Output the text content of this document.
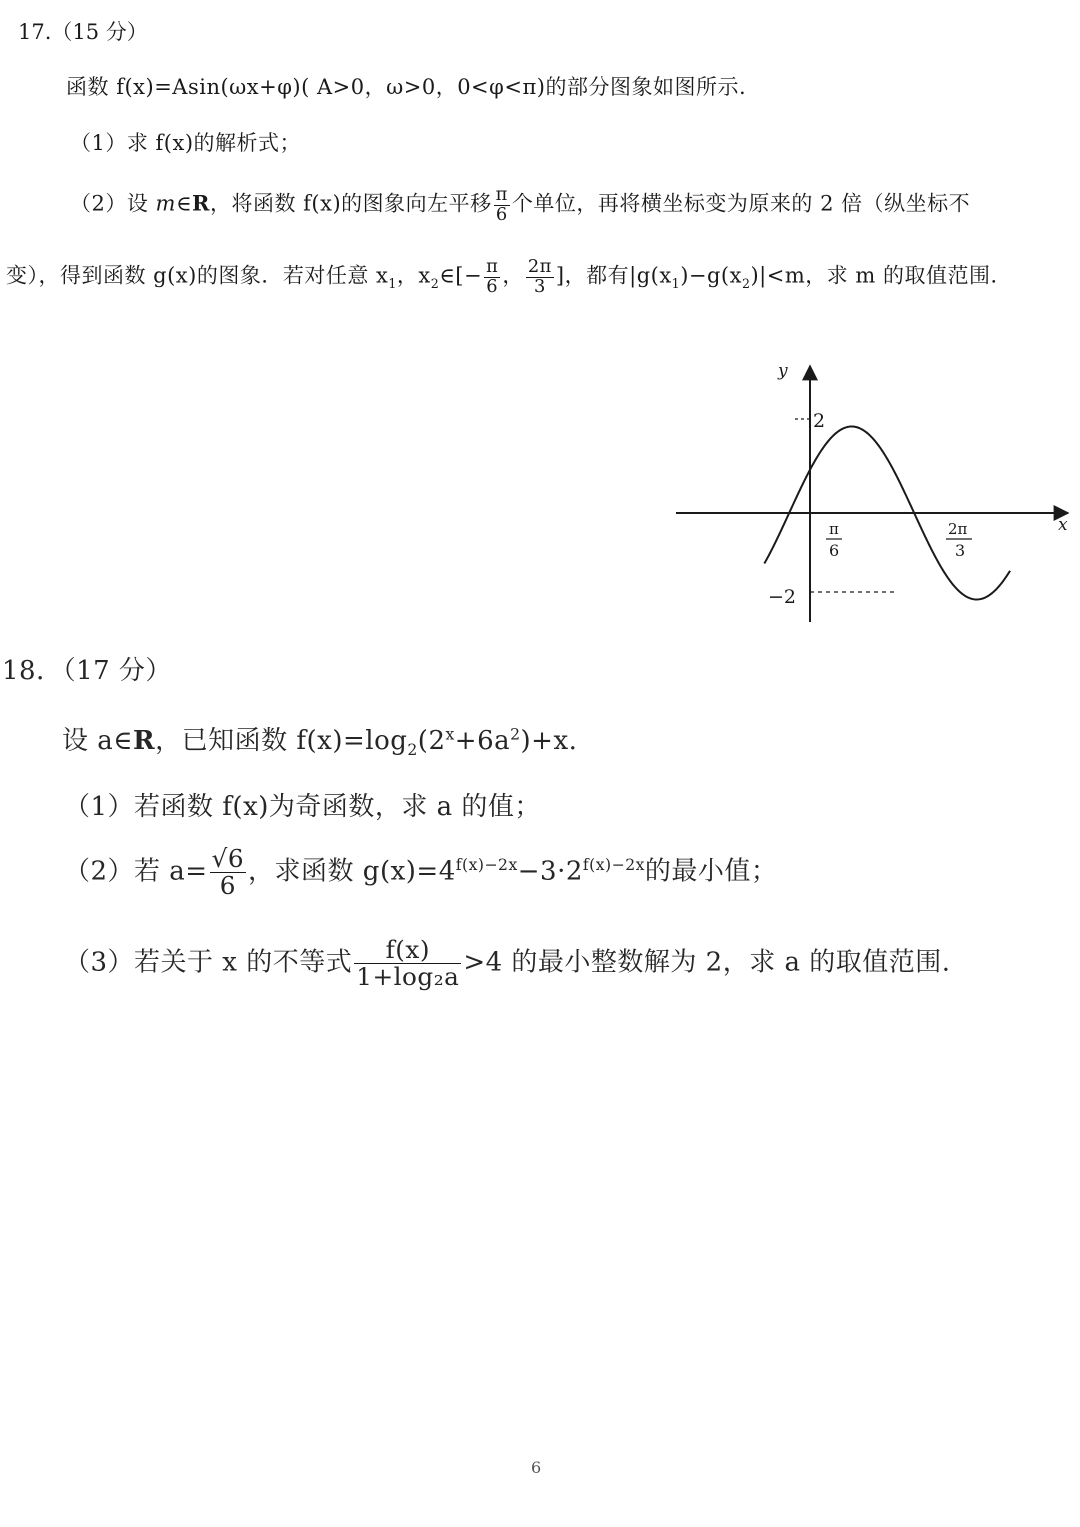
17.（15 分）
函数 f(x)=Asin(ωx+φ)( A>0，ω>0，0<φ<π)的部分图象如图所示.
（1）求 f(x)的解析式；
（2）设 m∈R，将函数 f(x)的图象向左平移 $\frac{\pi}{6}$ 个单位，再将横坐标变为原来的 2 倍（纵坐标不
变），得到函数 g(x)的图象．若对任意 $x_1$，$x_2\in[- \frac{\pi}{6}$ ， $\frac{2\pi}{3}$ ]，都有$|g(x_1)-g(x_2)|<m$，求 m 的取值范围．
y
x
2
−2
π
6
2π
3
18．（17 分）
设 a∈R，已知函数 $f(x)=\log_2(2^x+6a^2)+x$.
（1）若函数 f(x)为奇函数，求 a 的值；
（2）若 $a= \frac{√6}{6}$ ，求函数 $g(x)=4^{f(x)-2x}-3\cdot 2^{f(x)-2x}$的最小值；
（3）若关于 x 的不等式 $\frac{f(x)}{\text{1+log₂a}} >4$ 的最小整数解为 2，求 a 的取值范围.
6
